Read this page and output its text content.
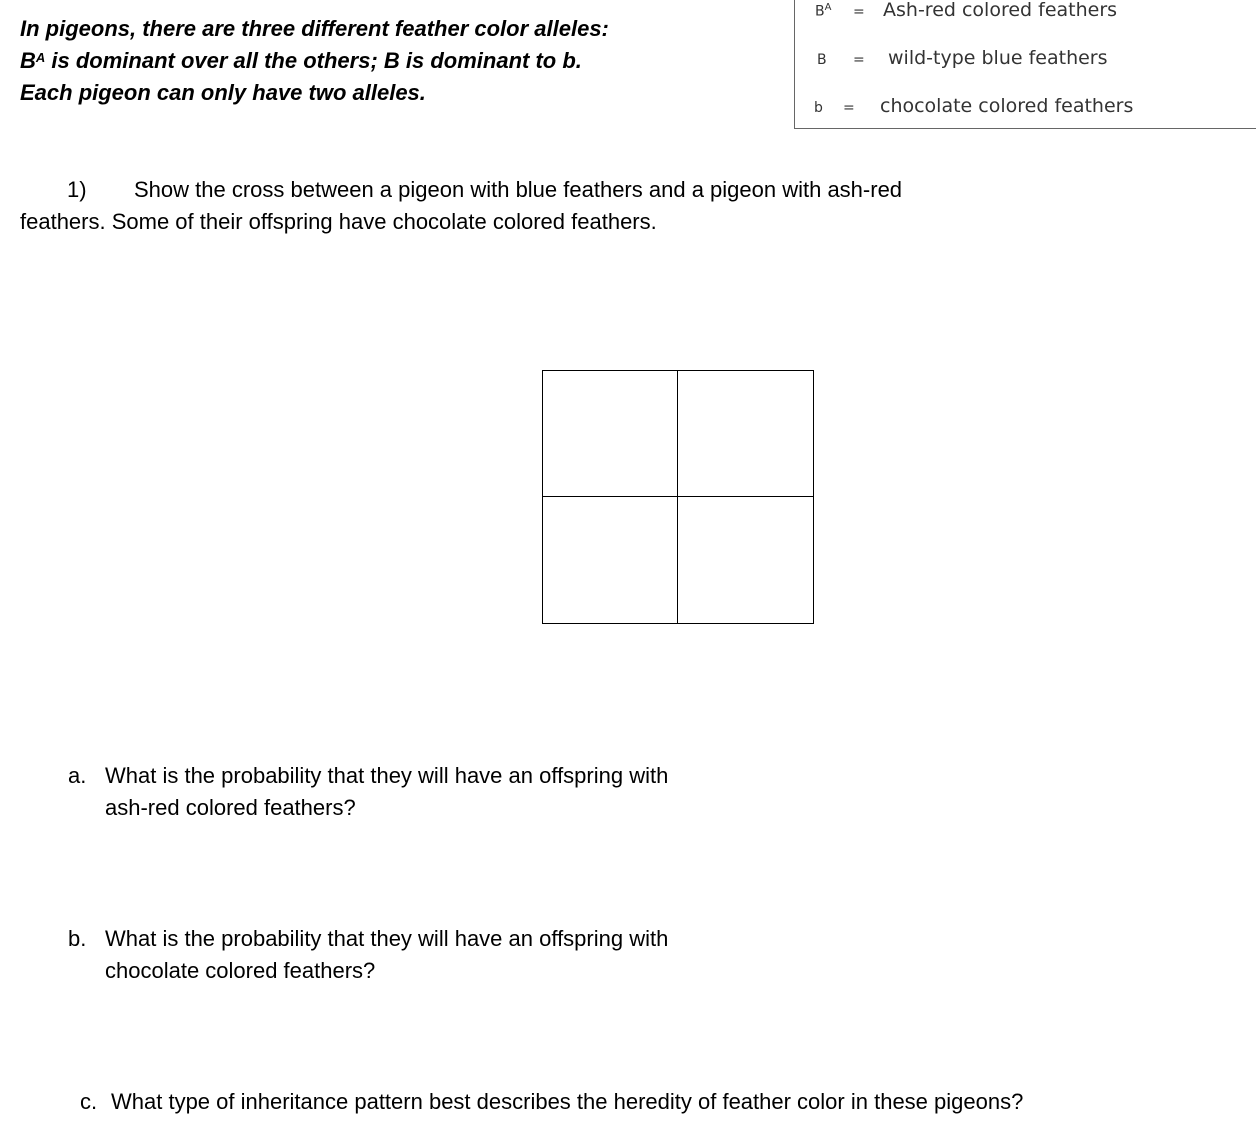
In pigeons, there are three different feather color alleles:
$B^A$ is dominant over all the others; B is dominant to b.
Each pigeon can only have two alleles.
$B^A = Ash-red$ colored feathers
B = wild-type blue feathers
b = chocolate colored feathers
1) Show the cross between a pigeon with blue feathers and a pigeon with ash-red
feathers. Some of their offspring have chocolate colored feathers.
a. What is the probability that they will have an offspring with
ash-red colored feathers?
b. What is the probability that they will have an offspring with
chocolate colored feathers?
c. What type of inheritance pattern best describes the heredity of feather color in these pigeons?
